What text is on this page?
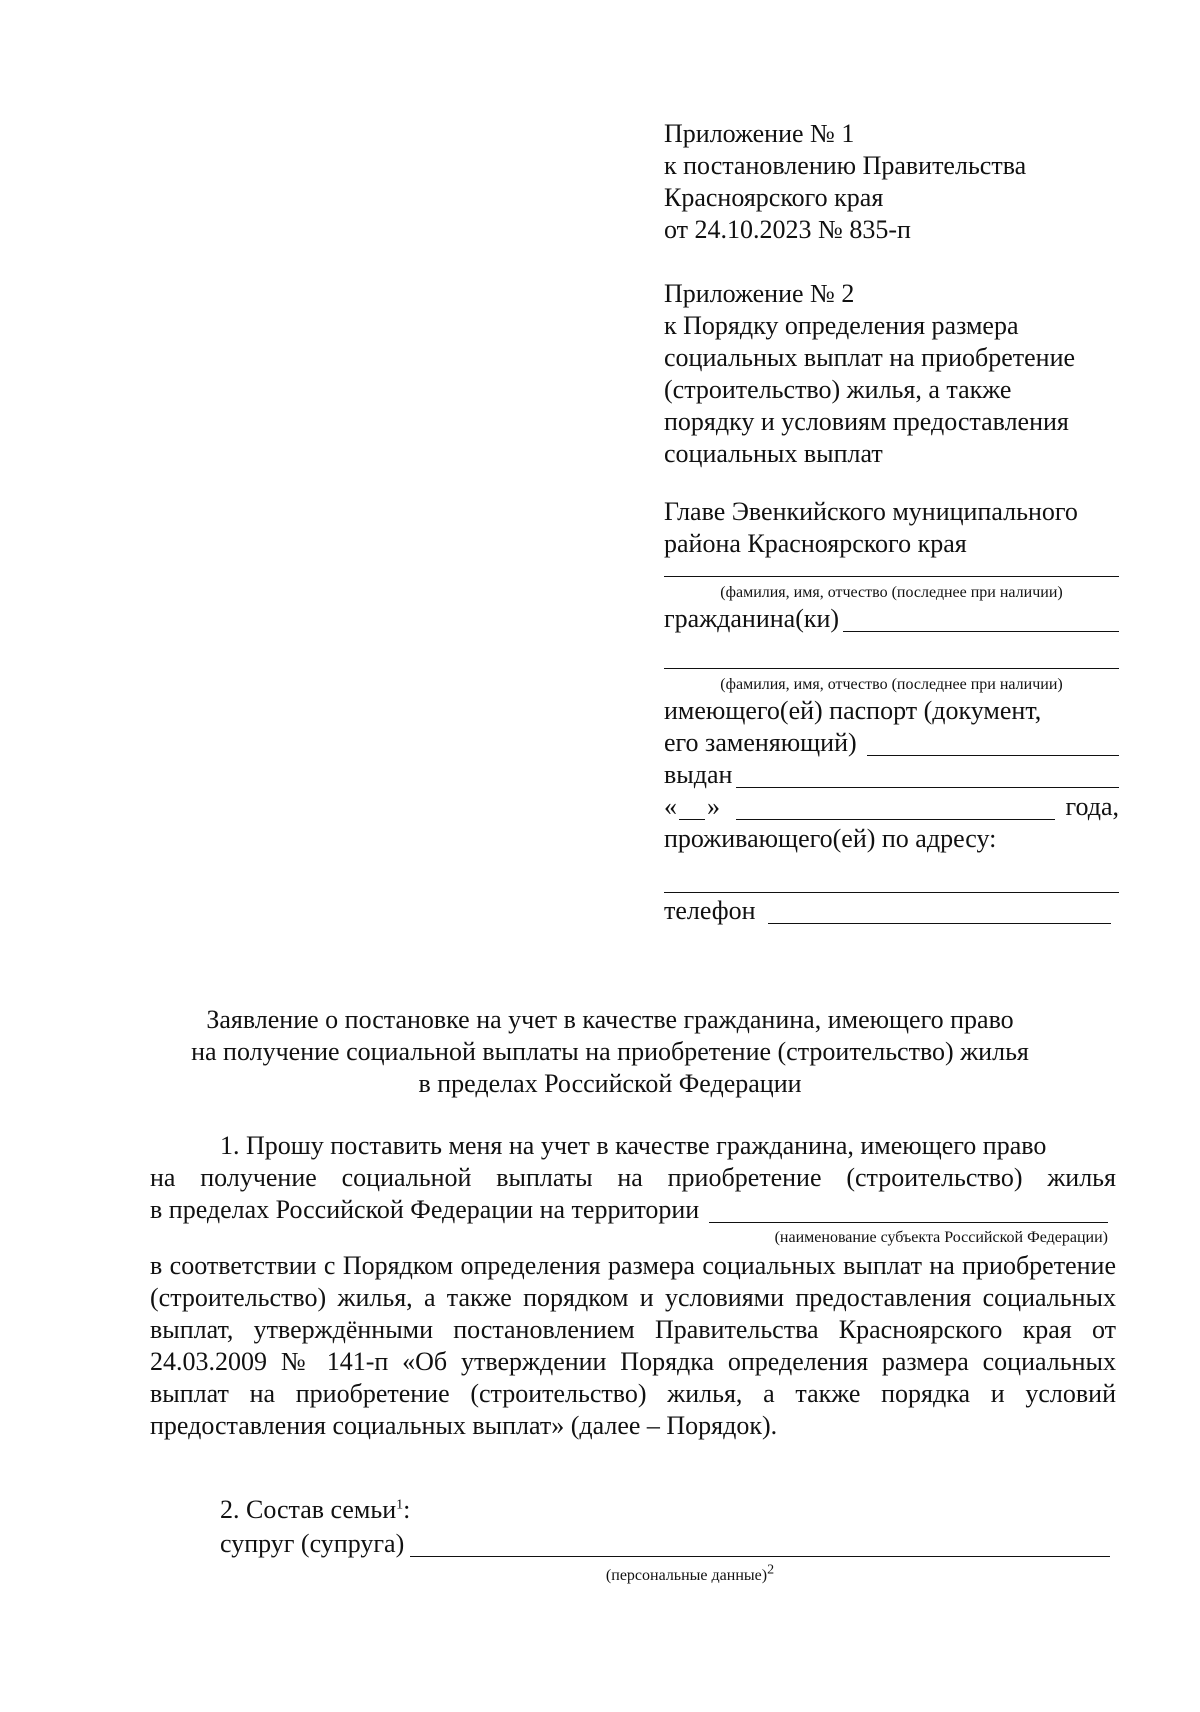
Приложение № 1
к постановлению Правительства
Красноярского края
от 24.10.2023 № 835-п
Приложение № 2
к Порядку определения размера
социальных выплат на приобретение
(строительство) жилья, а также
порядку и условиям предоставления
социальных выплат
Главе Эвенкийского муниципального
района Красноярского края
(фамилия, имя, отчество (последнее при наличии)
гражданина(ки)
(фамилия, имя, отчество (последнее при наличии)
имеющего(ей) паспорт (документ,
его заменяющий)
выдан
« »	года,
проживающего(ей) по адресу:
телефон
Заявление о постановке на учет в качестве гражданина, имеющего право
на получение социальной выплаты на приобретение (строительство) жилья
в пределах Российской Федерации
1. Прошу поставить меня на учет в качестве гражданина, имеющего право
на получение социальной выплаты на приобретение (строительство) жилья
в пределах Российской Федерации на территории
(наименование субъекта Российской Федерации)
в соответствии с Порядком определения размера социальных выплат на приобретение (строительство) жилья, а также порядком и условиями предоставления социальных выплат, утверждёнными постановлением Правительства Красноярского края от 24.03.2009 № 141-п «Об утверждении Порядка определения размера социальных выплат на приобретение (строительство) жилья, а также порядка и условий предоставления социальных выплат» (далее – Порядок).
2. Состав семьи$^1$:
супруг (супруга)
(персональные данные)$^2$
